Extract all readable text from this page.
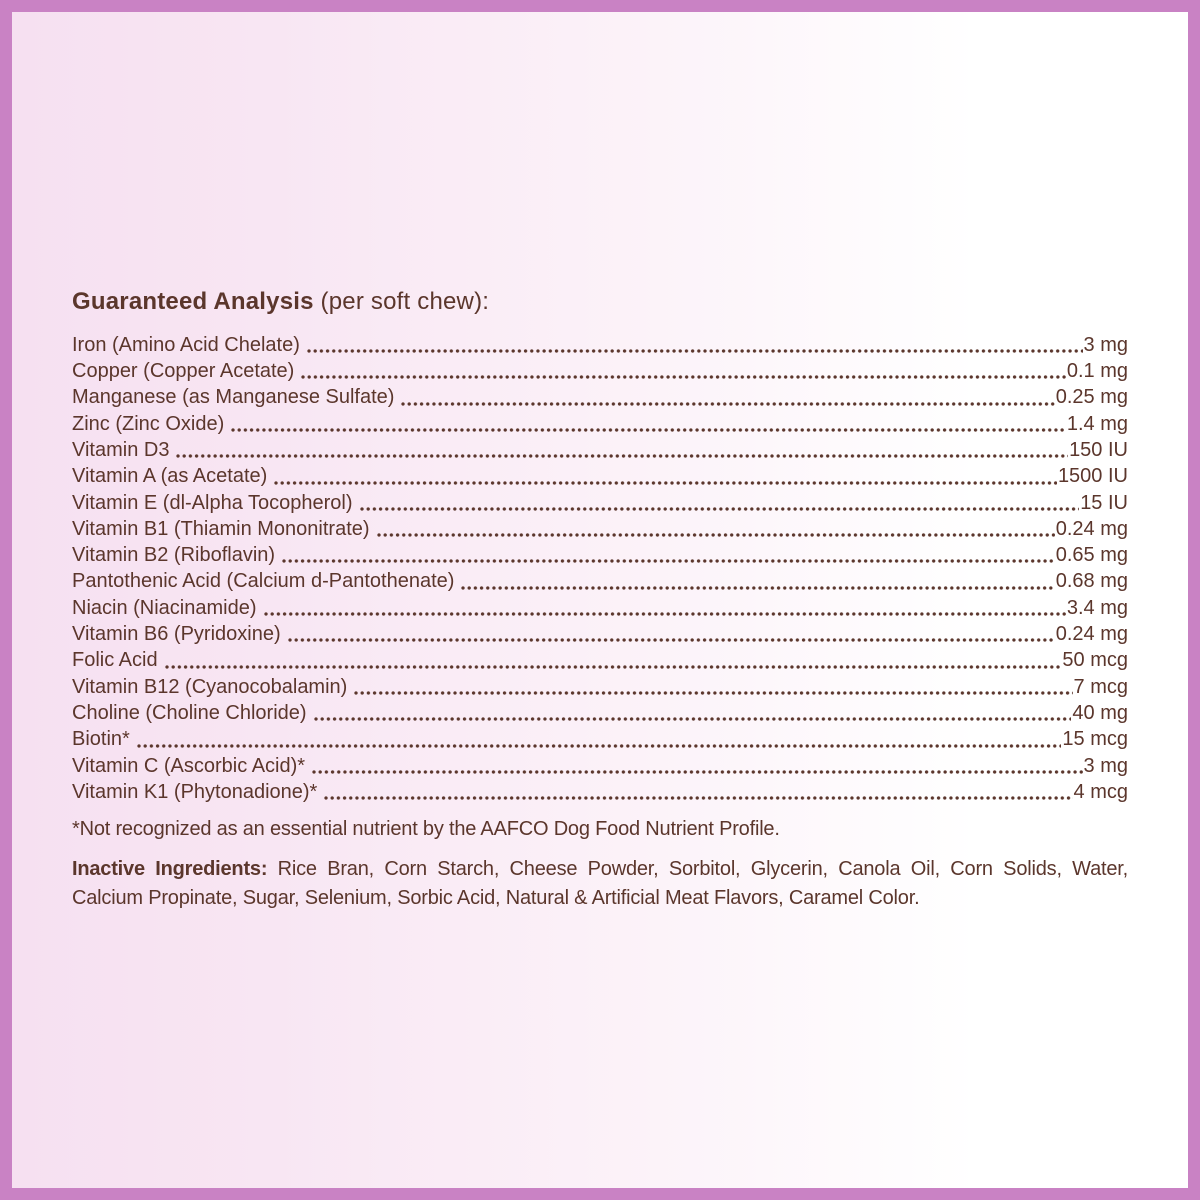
Guaranteed Analysis (per soft chew):
Iron (Amino Acid Chelate)	3 mg
Copper (Copper Acetate)	0.1 mg
Manganese (as Manganese Sulfate)	0.25 mg
Zinc (Zinc Oxide)	1.4 mg
Vitamin D3	150 IU
Vitamin A (as Acetate)	1500 IU
Vitamin E (dl-Alpha Tocopherol)	15 IU
Vitamin B1 (Thiamin Mononitrate)	0.24 mg
Vitamin B2 (Riboflavin)	0.65 mg
Pantothenic Acid (Calcium d-Pantothenate)	0.68 mg
Niacin (Niacinamide)	3.4 mg
Vitamin B6 (Pyridoxine)	0.24 mg
Folic Acid	50 mcg
Vitamin B12 (Cyanocobalamin)	7 mcg
Choline (Choline Chloride)	40 mg
Biotin*	15 mcg
Vitamin C (Ascorbic Acid)*	3 mg
Vitamin K1 (Phytonadione)*	4 mcg
*Not recognized as an essential nutrient by the AAFCO Dog Food Nutrient Profile.
Inactive Ingredients: Rice Bran, Corn Starch, Cheese Powder, Sorbitol, Glycerin, Canola Oil, Corn Solids, Water, Calcium Propinate, Sugar, Selenium, Sorbic Acid, Natural & Artificial Meat Flavors, Caramel Color.
